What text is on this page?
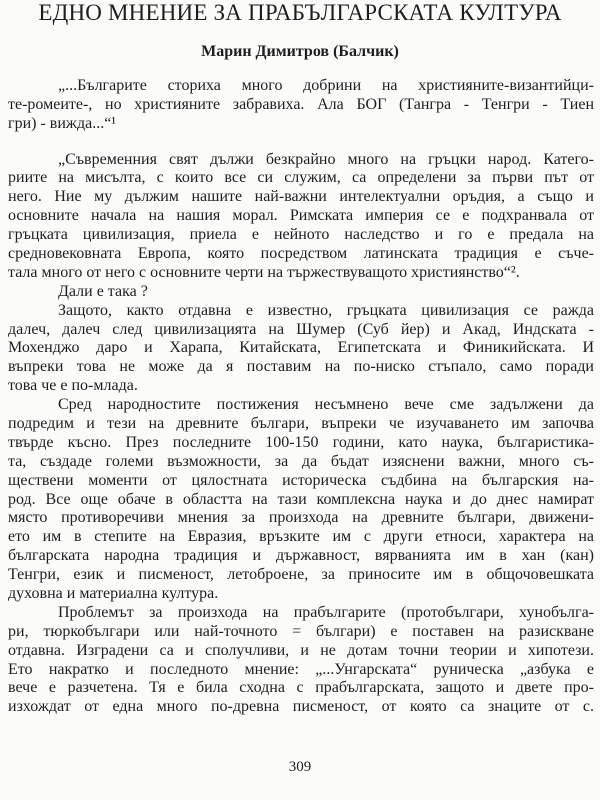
ЕДНО МНЕНИЕ ЗА ПРАБЪЛГАРСКАТА КУЛТУРА
Марин Димитров (Балчик)
„...Българите сториха много добрини на християните-византийци-
те-ромеите-, но християните забравиха. Ала БОГ (Тангра - Тенгри - Тиен
гри) - вижда...“¹
„Съвременния свят дължи безкрайно много на гръцки народ. Катего-
риите на мисълта, с които все си служим, са определени за първи път от
него. Ние му дължим нашите най-важни интелектуални оръдия, а също и
основните начала на нашия морал. Римската империя се е подхранвала от
гръцката цивилизация, приела е нейното наследство и го е предала на
средновековната Европа, която посредством латинската традиция е съче-
тала много от него с основните черти на тържествуващото християнство“².
Дали е така ?
Защото, както отдавна е известно, гръцката цивилизация се ражда
далеч, далеч след цивилизацията на Шумер (Суб йер) и Акад, Индската -
Мохенджо даро и Харапа, Китайската, Египетската и Финикийската. И
въпреки това не може да я поставим на по-ниско стъпало, само поради
това че е по-млада.
Сред народностите постижения несъмнено вече сме задължени да
подредим и тези на древните българи, въпреки че изучаването им започва
твърде късно. През последните 100-150 години, като наука, българистика-
та, създаде големи възможности, за да бъдат изяснени важни, много съ-
ществени моменти от цялостната историческа съдбина на българския на-
род. Все още обаче в областта на тази комплексна наука и до днес намират
място противоречиви мнения за произхода на древните българи, движени-
ето им в степите на Евразия, връзките им с други етноси, характера на
българската народна традиция и държавност, вярванията им в хан (кан)
Тенгри, език и писменост, летоброене, за приносите им в общочовешката
духовна и материална култура.
Проблемът за произхода на прабългарите (протобългари, хунобълга-
ри, тюркобългари или най-точното = българи) е поставен на разискване
отдавна. Изградени са и сполучливи, и не дотам точни теории и хипотези.
Ето накратко и последното мнение: „...Унгарската“ руническа „азбука е
вече е разчетена. Тя е била сходна с прабългарската, защото и двете про-
изхождат от една много по-древна писменост, от която са знаците от с.
309
